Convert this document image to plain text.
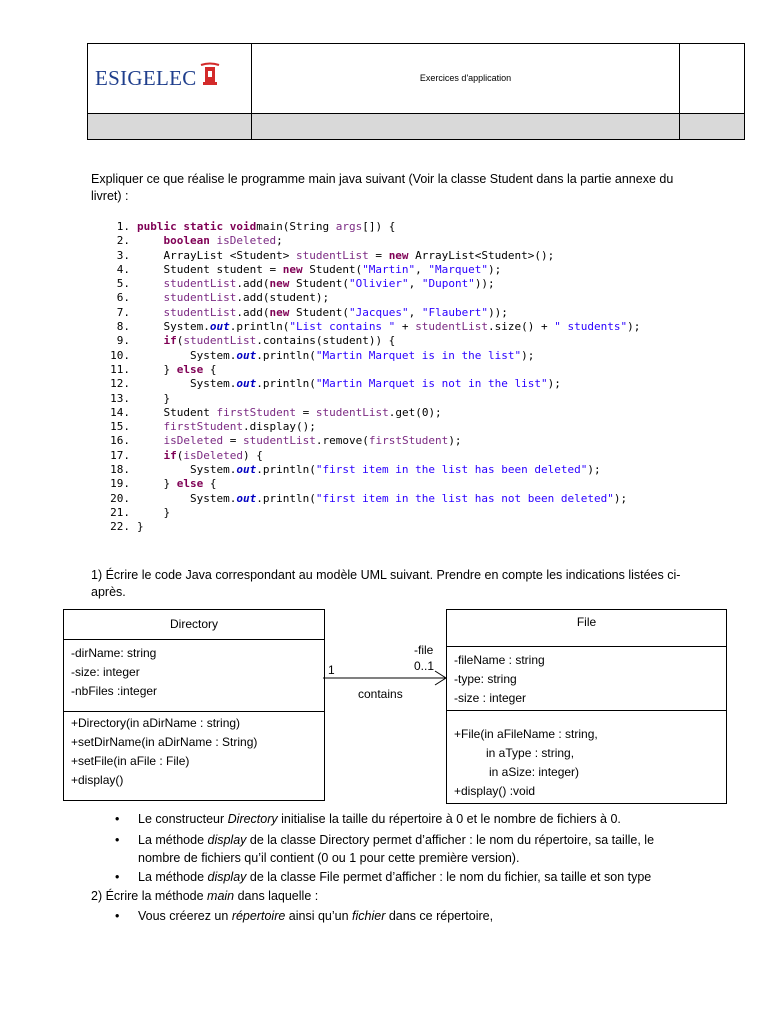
ESIGELEC	Exercices d'application	

Expliquer ce que réalise le programme main java suivant (Voir la classe Student dans la partie annexe du livret) :

1. public static voidmain(String args[]) {
2.	boolean isDeleted;
3.    ArrayList <Student> studentList = new ArrayList<Student>();
4.    Student student = new Student("Martin", "Marquet");
5.	studentList.add(new Student("Olivier", "Dupont"));
6.	studentList.add(student);
7.	studentList.add(new Student("Jacques", "Flaubert"));
8.    System.out.println("List contains " + studentList.size() + " students");
9.	if(studentList.contains(student)) {
10.        System.out.println("Martin Marquet is in the list");
11.    } else {
12.        System.out.println("Martin Marquet is not in the list");
13.    }
14.    Student firstStudent = studentList.get(0);
15.	firstStudent.display();
16.	isDeleted = studentList.remove(firstStudent);
17.	if(isDeleted) {
18.        System.out.println("first item in the list has been deleted");
19.    } else {
20.        System.out.println("first item in the list has not been deleted");
21.    }
22. }

1) Écrire le code Java correspondant au modèle UML suivant. Prendre en compte les indications listées ci-après.

Directory
-dirName: string
-size: integer
-nbFiles :integer
+Directory(in aDirName : string)
+setDirName(in aDirName : String)
+setFile(in aFile : File)
+display()
File
-fileName : string
-type: string
-size : integer
+File(in aFileName : string,
in aType : string,
in aSize: integer)
+display() :void
-file
0..1
1
contains
• Le constructeur Directory initialise la taille du répertoire à 0 et le nombre de fichiers à 0.
• La méthode display de la classe Directory permet d’afficher : le nom du répertoire, sa taille, le nombre de fichiers qu’il contient (0 ou 1 pour cette première version).
• La méthode display de la classe File permet d’afficher : le nom du fichier, sa taille et son type
2) Écrire la méthode main dans laquelle :
• Vous créerez un répertoire ainsi qu’un fichier dans ce répertoire,
